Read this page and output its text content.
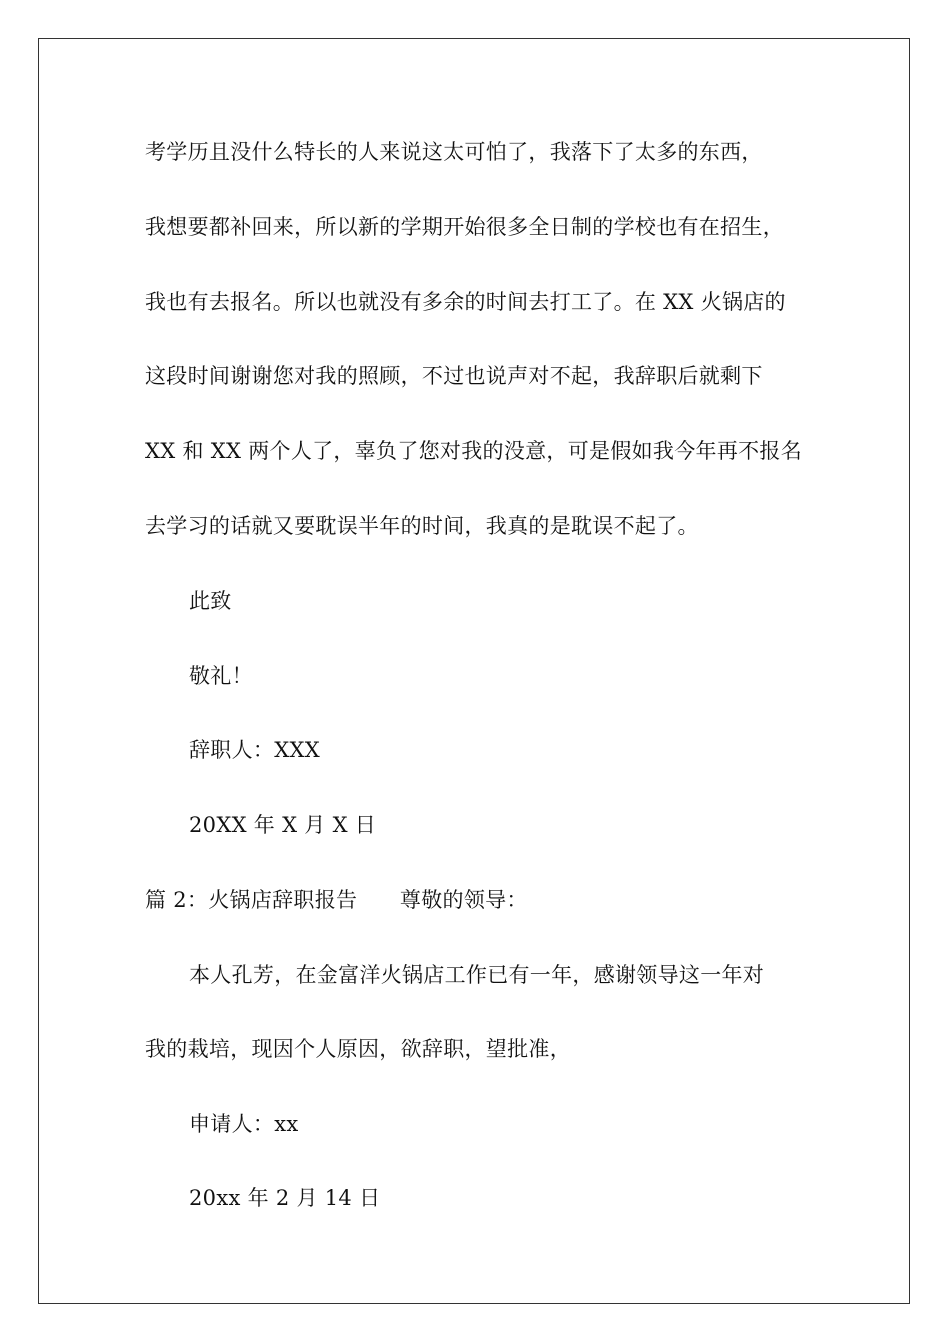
考学历且没什么特长的人来说这太可怕了，我落下了太多的东西，
我想要都补回来，所以新的学期开始很多全日制的学校也有在招生，
我也有去报名。所以也就没有多余的时间去打工了。在 XX 火锅店的
这段时间谢谢您对我的照顾，不过也说声对不起，我辞职后就剩下
XX 和 XX 两个人了，辜负了您对我的没意，可是假如我今年再不报名
去学习的话就又要耽误半年的时间，我真的是耽误不起了。
此致
敬礼！
辞职人：XXX
20XX 年 X 月 X 日
篇 2：火锅店辞职报告　　尊敬的领导：
本人孔芳，在金富洋火锅店工作已有一年，感谢领导这一年对
我的栽培，现因个人原因，欲辞职，望批准，
申请人：xx
20xx 年 2 月 14 日
